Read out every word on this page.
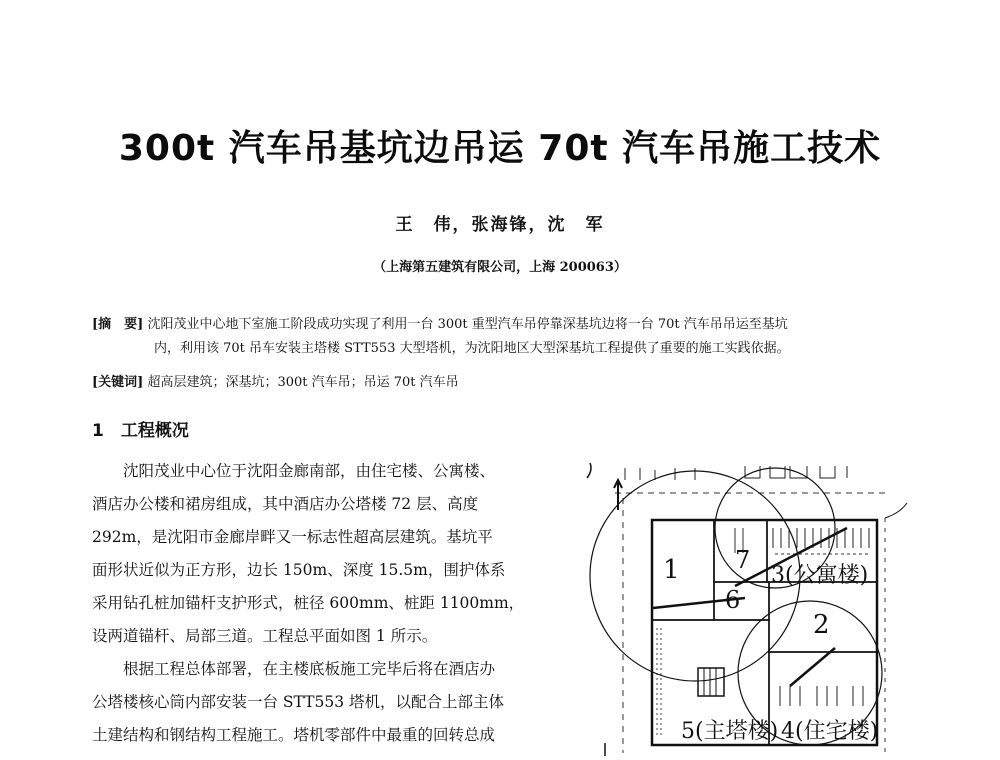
300t 汽车吊基坑边吊运 70t 汽车吊施工技术
王　伟，张海锋，沈　军
（上海第五建筑有限公司，上海 200063）
[摘　要] 沈阳茂业中心地下室施工阶段成功实现了利用一台 300t 重型汽车吊停靠深基坑边将一台 70t 汽车吊吊运至基坑
内，利用该 70t 吊车安装主塔楼 STT553 大型塔机，为沈阳地区大型深基坑工程提供了重要的施工实践依据。
[关键词] 超高层建筑；深基坑；300t 汽车吊；吊运 70t 汽车吊
1　工程概况
沈阳茂业中心位于沈阳金廊南部，由住宅楼、公寓楼、
酒店办公楼和裙房组成，其中酒店办公塔楼 72 层、高度
292m，是沈阳市金廊岸畔又一标志性超高层建筑。基坑平
面形状近似为正方形，边长 150m、深度 15.5m，围护体系
采用钻孔桩加锚杆支护形式，桩径 600mm、桩距 1100mm，
设两道锚杆、局部三道。工程总平面如图 1 所示。
根据工程总体部署，在主楼底板施工完毕后将在酒店办
公塔楼核心筒内部安装一台 STT553 塔机，以配合上部主体
土建结构和钢结构工程施工。塔机零部件中最重的回转总成
1 7
3(公寓楼)
6
2
5(主塔楼) 4(住宅楼)
